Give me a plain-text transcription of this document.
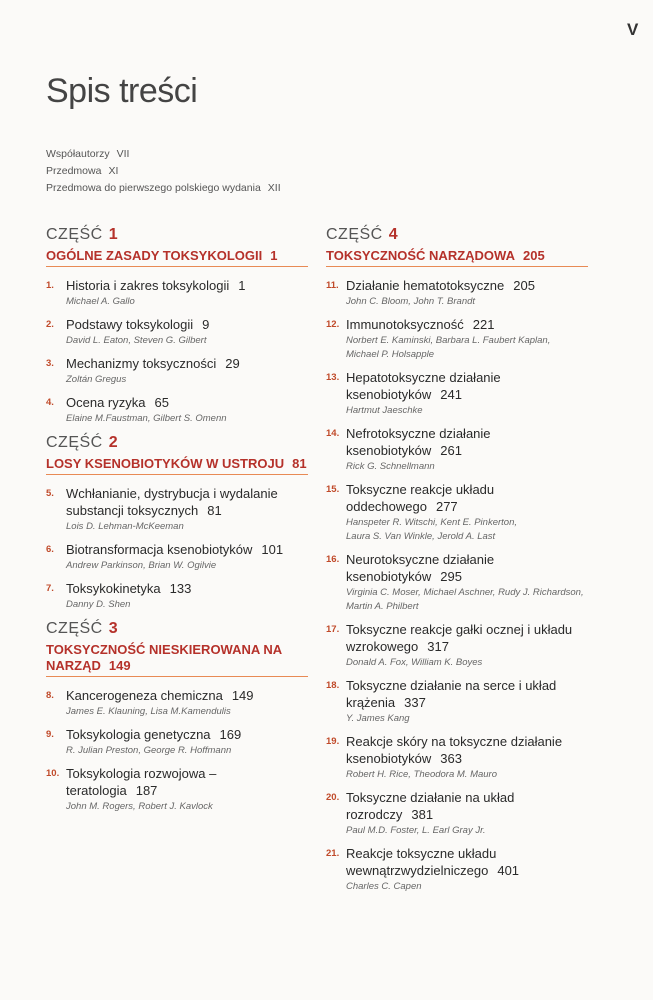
V
Spis treści
Współautorzy VII
Przedmowa XI
Przedmowa do pierwszego polskiego wydania XII
CZĘŚĆ 1
OGÓLNE ZASADY TOKSYKOLOGII 1
1. Historia i zakres toksykologii 1
Michael A. Gallo
2. Podstawy toksykologii 9
David L. Eaton, Steven G. Gilbert
3. Mechanizmy toksyczności 29
Zoltán Gregus
4. Ocena ryzyka 65
Elaine M.Faustman, Gilbert S. Omenn
CZĘŚĆ 2
LOSY KSENOBIOTYKÓW W USTROJU 81
5. Wchłanianie, dystrybucja i wydalanie substancji toksycznych 81
Lois D. Lehman-McKeeman
6. Biotransformacja ksenobiotyków 101
Andrew Parkinson, Brian W. Ogilvie
7. Toksykokinetyka 133
Danny D. Shen
CZĘŚĆ 3
TOKSYCZNOŚĆ NIESKIEROWANA NA NARZĄD 149
8. Kancerogeneza chemiczna 149
James E. Klauning, Lisa M.Kamendulis
9. Toksykologia genetyczna 169
R. Julian Preston, George R. Hoffmann
10. Toksykologia rozwojowa – teratologia 187
John M. Rogers, Robert J. Kavlock
CZĘŚĆ 4
TOKSYCZNOŚĆ NARZĄDOWA 205
11. Działanie hematotoksyczne 205
John C. Bloom, John T. Brandt
12. Immunotoksyczność 221
Norbert E. Kaminski, Barbara L. Faubert Kaplan,
Michael P. Holsapple
13. Hepatotoksyczne działanie ksenobiotyków 241
Hartmut Jaeschke
14. Nefrotoksyczne działanie ksenobiotyków 261
Rick G. Schnellmann
15. Toksyczne reakcje układu oddechowego 277
Hanspeter R. Witschi, Kent E. Pinkerton,
Laura S. Van Winkle, Jerold A. Last
16. Neurotoksyczne działanie ksenobiotyków 295
Virginia C. Moser, Michael Aschner, Rudy J. Richardson,
Martin A. Philbert
17. Toksyczne reakcje gałki ocznej i układu wzrokowego 317
Donald A. Fox, William K. Boyes
18. Toksyczne działanie na serce i układ krążenia 337
Y. James Kang
19. Reakcje skóry na toksyczne działanie ksenobiotyków 363
Robert H. Rice, Theodora M. Mauro
20. Toksyczne działanie na układ rozrodczy 381
Paul M.D. Foster, L. Earl Gray Jr.
21. Reakcje toksyczne układu wewnątrzwydzielniczego 401
Charles C. Capen
